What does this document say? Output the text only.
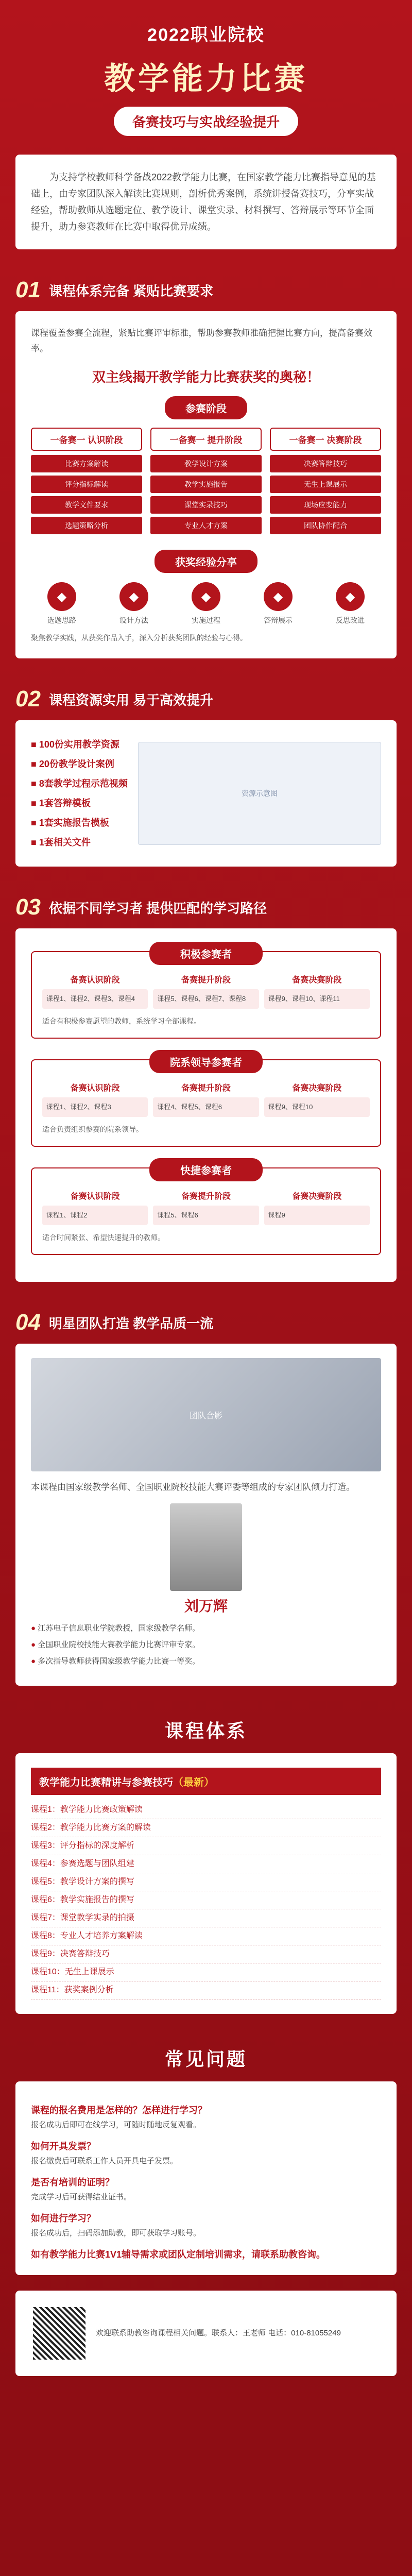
2022职业院校
教学能力比赛
备赛技巧与实战经验提升

为支持学校教师科学备战2022教学能力比赛，在国家教学能力比赛指导意见的基础上，由专家团队深入解读比赛规则，剖析优秀案例，系统讲授备赛技巧，分享实战经验，帮助教师从选题定位、教学设计、课堂实录、材料撰写、答辩展示等环节全面提升，助力参赛教师在比赛中取得优异成绩。

01 课程体系完备 紧贴比赛要求

课程覆盖参赛全流程，紧贴比赛评审标准，帮助参赛教师准确把握比赛方向，提高备赛效率。

双主线揭开教学能力比赛获奖的奥秘！
参赛阶段
一备赛一 认识阶段
比赛方案解读
评分指标解读
教学文件要求
选题策略分析
一备赛一 提升阶段
教学设计方案
教学实施报告
课堂实录技巧
专业人才方案
一备赛一 决赛阶段
决赛答辩技巧
无生上课展示
现场应变能力
团队协作配合
获奖经验分享
◆
选题思路
◆
设计方法
◆
实施过程
◆
答辩展示
◆
反思改进

聚焦教学实践，从获奖作品入手，深入分析获奖团队的经验与心得。

02 课程资源实用 易于高效提升
■ 100份实用教学资源
■ 20份教学设计案例
■ 8套教学过程示范视频
■ 1套答辩模板
■ 1套实施报告模板
■ 1套相关文件
资源示意图
03 依据不同学习者 提供匹配的学习路径
积极参赛者
备赛认识阶段
课程1、课程2、课程3、课程4
备赛提升阶段
课程5、课程6、课程7、课程8
备赛决赛阶段
课程9、课程10、课程11

适合有积极参赛愿望的教师，系统学习全部课程。

院系领导参赛者
备赛认识阶段
课程1、课程2、课程3
备赛提升阶段
课程4、课程5、课程6
备赛决赛阶段
课程9、课程10

适合负责组织参赛的院系领导。

快捷参赛者
备赛认识阶段
课程1、课程2
备赛提升阶段
课程5、课程6
备赛决赛阶段
课程9

适合时间紧张、希望快速提升的教师。

04 明星团队打造 教学品质一流
团队合影

本课程由国家级教学名师、全国职业院校技能大赛评委等组成的专家团队倾力打造。

刘万辉
● 江苏电子信息职业学院教授，国家级教学名师。
● 全国职业院校技能大赛教学能力比赛评审专家。
● 多次指导教师获得国家级教学能力比赛一等奖。
课程体系
教学能力比赛精讲与参赛技巧（最新）
课程1：教学能力比赛政策解读
课程2：教学能力比赛方案的解读
课程3：评分指标的深度解析
课程4：参赛选题与团队组建
课程5：教学设计方案的撰写
课程6：教学实施报告的撰写
课程7：课堂教学实录的拍摄
课程8：专业人才培养方案解读
课程9：决赛答辩技巧
课程10：无生上课展示
课程11：获奖案例分析
常见问题
课程的报名费用是怎样的？怎样进行学习？
报名成功后即可在线学习，可随时随地反复观看。
如何开具发票？
报名缴费后可联系工作人员开具电子发票。
是否有培训的证明？
完成学习后可获得结业证书。
如何进行学习？
报名成功后，扫码添加助教，即可获取学习账号。
如有教学能力比赛1V1辅导需求或团队定制培训需求，请联系助教咨询。
欢迎联系助教咨询课程相关问题。联系人：王老师 电话：010-81055249
